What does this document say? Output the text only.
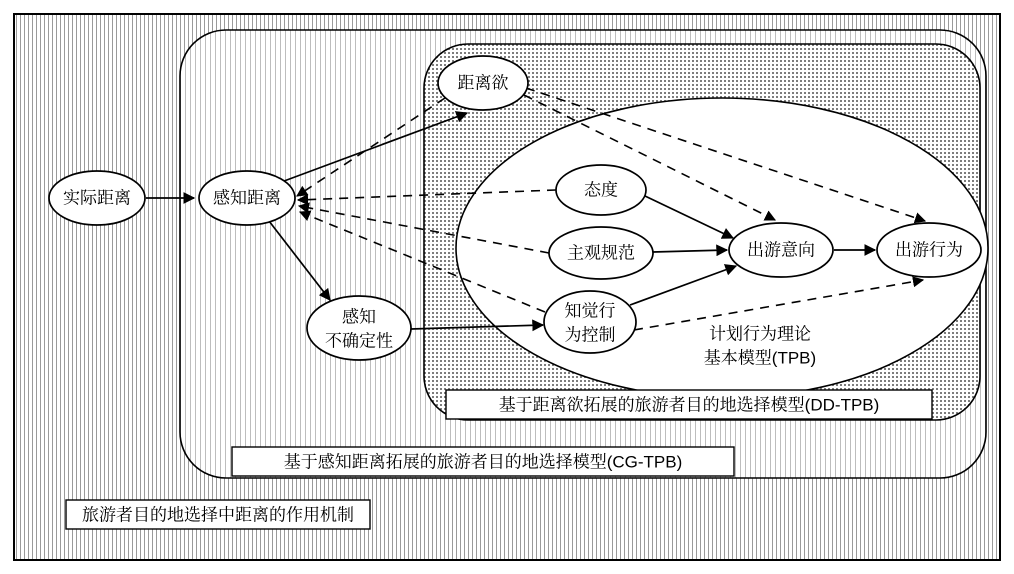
实际距离	感知距离
感知
不确定性
距离欲
态度
主观规范
知觉行
为控制
出游意向	出游行为
计划行为理论
基本模型(TPB)
基于距离欲拓展的旅游者目的地选择模型(DD-TPB)
基于感知距离拓展的旅游者目的地选择模型(CG-TPB)
旅游者目的地选择中距离的作用机制
